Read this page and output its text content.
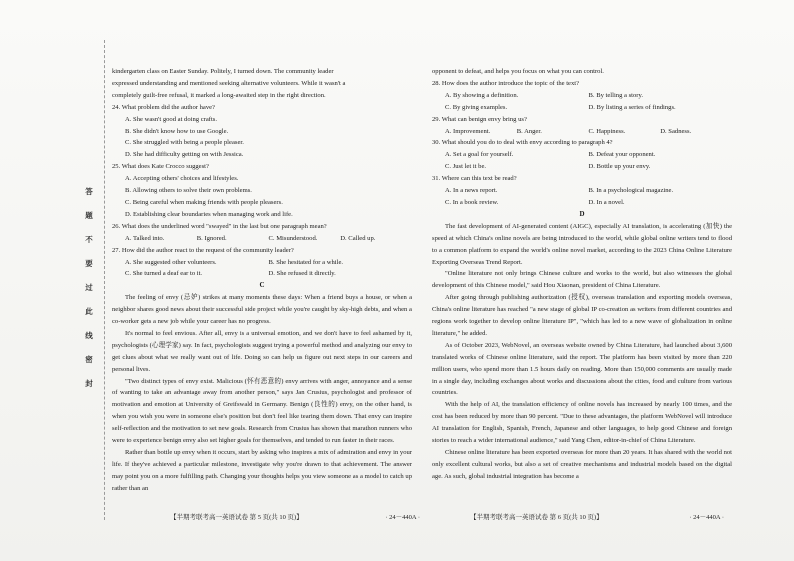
答
题
不
要
过
此
线
密
封

kindergarten class on Easter Sunday. Politely, I turned down. The community leader

expressed understanding and mentioned seeking alternative volunteers. While it wasn't a

completely guilt-free refusal, it marked a long-awaited step in the right direction.

24. What problem did the author have?

A. She wasn't good at doing crafts.

B. She didn't know how to use Google.

C. She struggled with being a people pleaser.

D. She had difficulty getting on with Jessica.

25. What does Kate Crocco suggest?

A. Accepting others' choices and lifestyles.

B. Allowing others to solve their own problems.

C. Being careful when making friends with people pleasers.

D. Establishing clear boundaries when managing work and life.

26. What does the underlined word "swayed" in the last but one paragraph mean?

A. Talked into.	B. Ignored.	C. Misunderstood.	D. Called up.

27. How did the author react to the request of the community leader?

A. She suggested other volunteers.	B. She hesitated for a while.
C. She turned a deaf ear to it.	D. She refused it directly.

C

The feeling of envy (忌妒) strikes at many moments these days: When a friend buys a house, or when a neighbor shares good news about their successful side project while you're caught by sky-high debts, and when a co-worker gets a new job while your career has no progress.

It's normal to feel envious. After all, envy is a universal emotion, and we don't have to feel ashamed by it, psychologists (心理学家) say. In fact, psychologists suggest trying a powerful method and analyzing our envy to get clues about what we really want out of life. Doing so can help us figure out next steps in our careers and personal lives.

"Two distinct types of envy exist. Malicious (怀有恶意的) envy arrives with anger, annoyance and a sense of wanting to take an advantage away from another person," says Jan Crusius, psychologist and professor of motivation and emotion at University of Greifswald in Germany. Benign (良性的) envy, on the other hand, is when you wish you were in someone else's position but don't feel like tearing them down. That envy can inspire self-reflection and the motivation to set new goals. Research from Crusius has shown that marathon runners who were to experience benign envy also set higher goals for themselves, and tended to run faster in their races.

Rather than bottle up envy when it occurs, start by asking who inspires a mix of admiration and envy in your life. If they've achieved a particular milestone, investigate why you're drawn to that achievement. The answer may point you on a more fulfilling path. Changing your thoughts helps you view someone as a model to catch up rather than an

opponent to defeat, and helps you focus on what you can control.

28. How does the author introduce the topic of the text?

A. By showing a definition.	B. By telling a story.
C. By giving examples.	D. By listing a series of findings.

29. What can benign envy bring us?

A. Improvement.	B. Anger.	C. Happiness.	D. Sadness.

30. What should you do to deal with envy according to paragraph 4?

A. Set a goal for yourself.	B. Defeat your opponent.
C. Just let it be.	D. Bottle up your envy.

31. Where can this text be read?

A. In a news report.	B. In a psychological magazine.
C. In a book review.	D. In a novel.

D

The fast development of AI-generated content (AIGC), especially AI translation, is accelerating (加快) the speed at which China's online novels are being introduced to the world, while global online writers tend to flood to a common platform to expand the world's online novel market, according to the 2023 China Online Literature Exporting Overseas Trend Report.

"Online literature not only brings Chinese culture and works to the world, but also witnesses the global development of this Chinese model," said Hou Xiaonan, president of China Literature.

After going through publishing authorization (授权), overseas translation and exporting models overseas, China's online literature has reached "a new stage of global IP co-creation as writers from different countries and regions work together to develop online literature IP", "which has led to a new wave of globalization in online literature," he added.

As of October 2023, WebNovel, an overseas website owned by China Literature, had launched about 3,600 translated works of Chinese online literature, said the report. The platform has been visited by more than 220 million users, who spend more than 1.5 hours daily on reading. More than 150,000 comments are usually made in a single day, including exchanges about works and discussions about the cities, food and culture from various countries.

With the help of AI, the translation efficiency of online novels has increased by nearly 100 times, and the cost has been reduced by more than 90 percent. "Due to these advantages, the platform WebNovel will introduce AI translation for English, Spanish, French, Japanese and other languages, to help good Chinese and foreign stories to reach a wider international audience," said Yang Chen, editor-in-chief of China Literature.

Chinese online literature has been exported overseas for more than 20 years. It has shared with the world not only excellent cultural works, but also a set of creative mechanisms and industrial models based on the digital age. As such, global industrial integration has become a

【半期考联考高一英语试卷 第 5 页(共 10 页)】	· 24－440A ·	【半期考联考高一英语试卷 第 6 页(共 10 页)】	· 24－440A ·
